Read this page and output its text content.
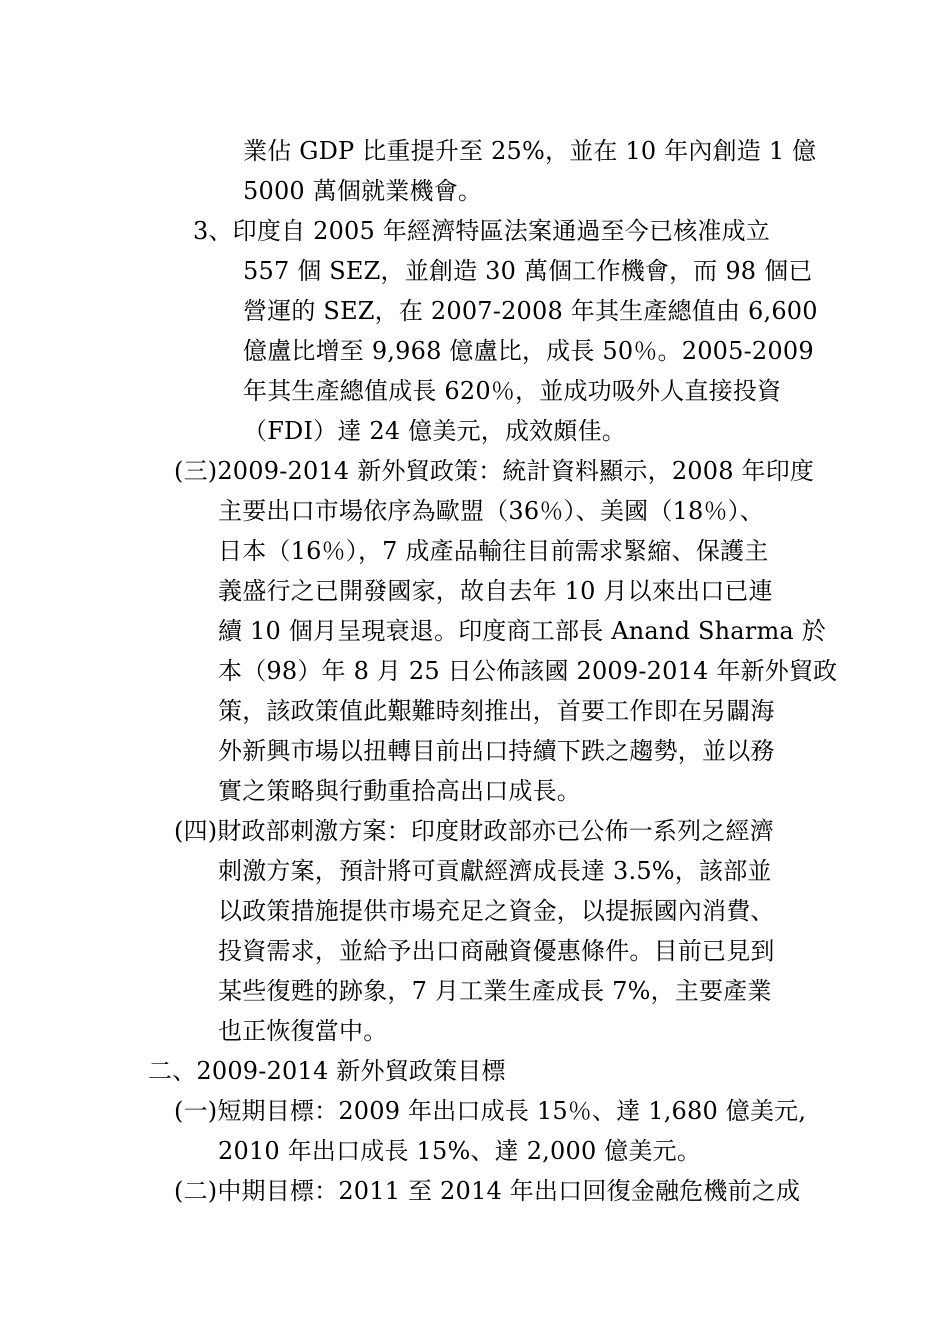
業佔 GDP 比重提升至 25%，並在 10 年內創造 1 億
5000 萬個就業機會。
3、印度自 2005 年經濟特區法案通過至今已核准成立
557 個 SEZ，並創造 30 萬個工作機會，而 98 個已
營運的 SEZ，在 2007-2008 年其生產總值由 6,600
億盧比增至 9,968 億盧比，成長 50％。2005-2009
年其生產總值成長 620％，並成功吸外人直接投資
（FDI）達 24 億美元，成效頗佳。
(三)2009-2014 新外貿政策：統計資料顯示，2008 年印度
主要出口市場依序為歐盟（36％）、美國（18％）、
日本（16％），7 成產品輸往目前需求緊縮、保護主
義盛行之已開發國家，故自去年 10 月以來出口已連
續 10 個月呈現衰退。印度商工部長 Anand Sharma 於
本（98）年 8 月 25 日公佈該國 2009-2014 年新外貿政
策，該政策值此艱難時刻推出，首要工作即在另闢海
外新興市場以扭轉目前出口持續下跌之趨勢，並以務
實之策略與行動重拾高出口成長。
(四)財政部刺激方案：印度財政部亦已公佈一系列之經濟
刺激方案，預計將可貢獻經濟成長達 3.5%，該部並
以政策措施提供市場充足之資金，以提振國內消費、
投資需求，並給予出口商融資優惠條件。目前已見到
某些復甦的跡象，7 月工業生產成長 7%，主要產業
也正恢復當中。
二、2009-2014 新外貿政策目標
(一)短期目標：2009 年出口成長 15％、達 1,680 億美元,
2010 年出口成長 15%、達 2,000 億美元。
(二)中期目標：2011 至 2014 年出口回復金融危機前之成
